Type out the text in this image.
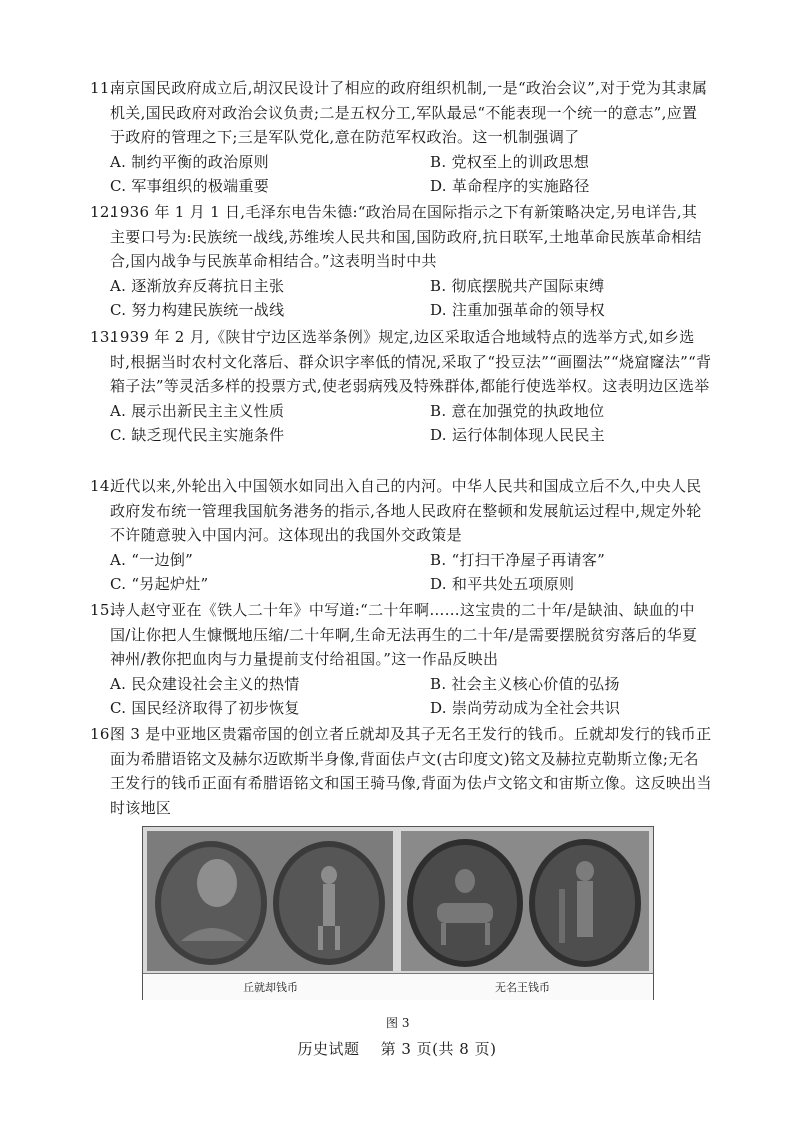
11.南京国民政府成立后,胡汉民设计了相应的政府组织机制,一是“政治会议”,对于党为其隶属机关,国民政府对政治会议负责;二是五权分工,军队最忌“不能表现一个统一的意志”,应置于政府的管理之下;三是军队党化,意在防范军权政治。这一机制强调了

A. 制约平衡的政治原则	B. 党权至上的训政思想
C. 军事组织的极端重要	D. 革命程序的实施路径

12.1936 年 1 月 1 日,毛泽东电告朱德:“政治局在国际指示之下有新策略决定,另电详告,其主要口号为:民族统一战线,苏维埃人民共和国,国防政府,抗日联军,土地革命民族革命相结合,国内战争与民族革命相结合。”这表明当时中共

A. 逐渐放弃反蒋抗日主张	B. 彻底摆脱共产国际束缚
C. 努力构建民族统一战线	D. 注重加强革命的领导权

13.1939 年 2 月,《陕甘宁边区选举条例》规定,边区采取适合地域特点的选举方式,如乡选时,根据当时农村文化落后、群众识字率低的情况,采取了“投豆法”“画圈法”“烧窟窿法”“背箱子法”等灵活多样的投票方式,使老弱病残及特殊群体,都能行使选举权。这表明边区选举

A. 展示出新民主主义性质	B. 意在加强党的执政地位
C. 缺乏现代民主实施条件	D. 运行体制体现人民民主

14.近代以来,外轮出入中国领水如同出入自己的内河。中华人民共和国成立后不久,中央人民政府发布统一管理我国航务港务的指示,各地人民政府在整顿和发展航运过程中,规定外轮不许随意驶入中国内河。这体现出的我国外交政策是

A. “一边倒”	B. “打扫干净屋子再请客”
C. “另起炉灶”	D. 和平共处五项原则

15.诗人赵守亚在《铁人二十年》中写道:“二十年啊……这宝贵的二十年/是缺油、缺血的中国/让你把人生慷慨地压缩/二十年啊,生命无法再生的二十年/是需要摆脱贫穷落后的华夏神州/教你把血肉与力量提前支付给祖国。”这一作品反映出

A. 民众建设社会主义的热情	B. 社会主义核心价值的弘扬
C. 国民经济取得了初步恢复	D. 崇尚劳动成为全社会共识

16.图 3 是中亚地区贵霜帝国的创立者丘就却及其子无名王发行的钱币。丘就却发行的钱币正面为希腊语铭文及赫尔迈欧斯半身像,背面佉卢文(古印度文)铭文及赫拉克勒斯立像;无名王发行的钱币正面有希腊语铭文和国王骑马像,背面为佉卢文铭文和宙斯立像。这反映出当时该地区

丘就却钱币	无名王钱币
图 3
历史试题    第 3 页(共 8 页)
